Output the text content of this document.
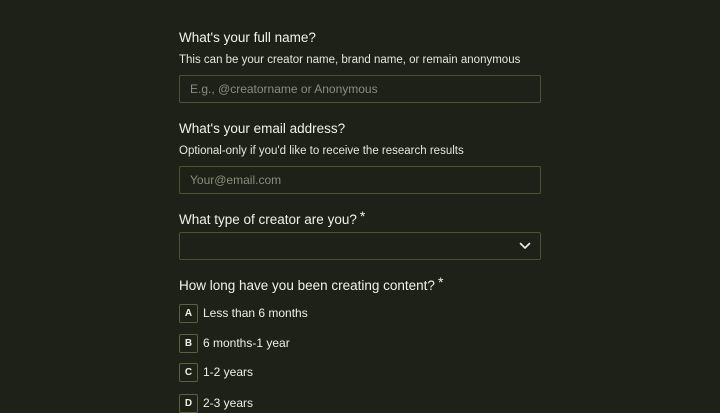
What's your full name?

This can be your creator name, brand name, or remain anonymous

E.g., @creatorname or Anonymous

What's your email address?

Optional-only if you'd like to receive the research results

Your@email.com

What type of creator are you? *

How long have you been creating content? *

A Less than 6 months
B 6 months-1 year
C 1-2 years
D 2-3 years
